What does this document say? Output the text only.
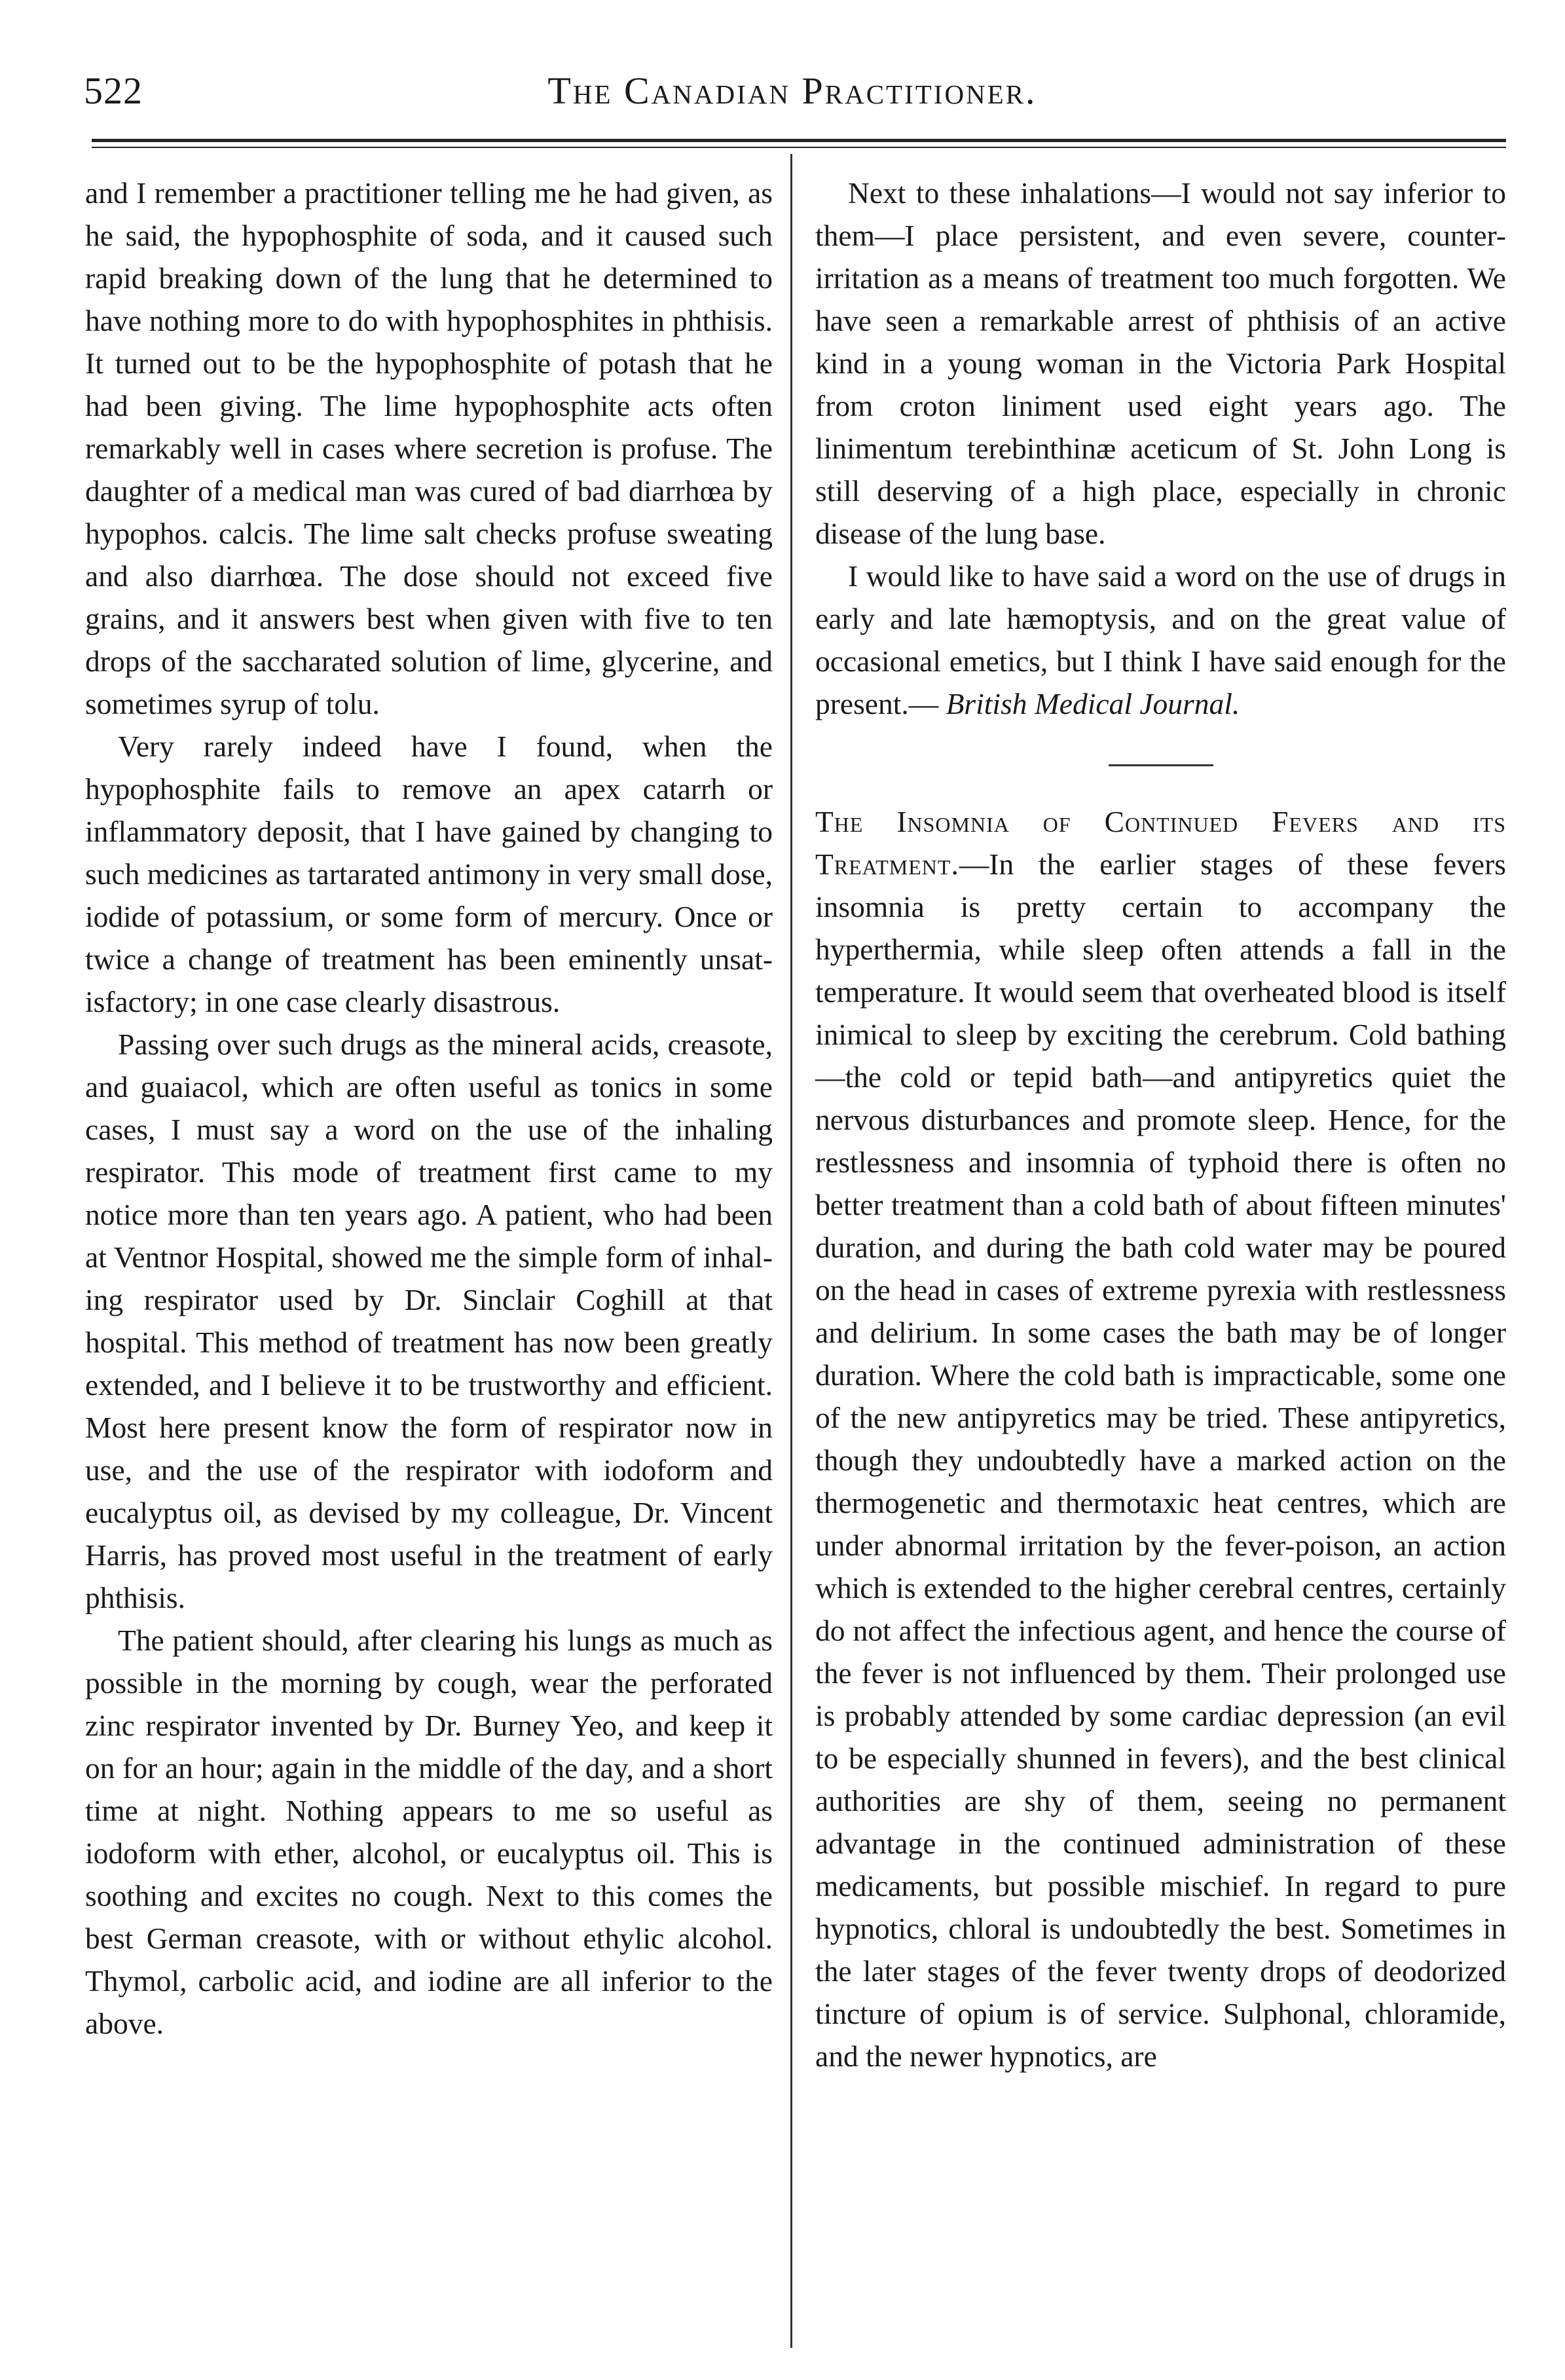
522	The Canadian Practitioner.

and I remember a practitioner telling me he had given, as he said, the hypophosphite of soda, and it caused such rapid breaking down of the lung that he determined to have nothing more to do with hypophosphites in phthisis. It turned out to be the hypophosphite of potash that he had been giving. The lime hypophosphite acts often remarkably well in cases where secretion is profuse. The daughter of a medical man was cured of bad diarrhœa by hypophos. calcis. The lime salt checks profuse sweating and also diarrhœa. The dose should not exceed five grains, and it answers best when given with five to ten drops of the saccharated solution of lime, glycerine, and sometimes syrup of tolu.

Very rarely indeed have I found, when the hypophosphite fails to remove an apex catarrh or inflammatory deposit, that I have gained by changing to such medicines as tartarated antimony in very small dose, iodide of potassium, or some form of mercury. Once or twice a change of treatment has been eminently unsatisfactory; in one case clearly disastrous.

Passing over such drugs as the mineral acids, creasote, and guaiacol, which are often useful as tonics in some cases, I must say a word on the use of the inhaling respirator. This mode of treatment first came to my notice more than ten years ago. A patient, who had been at Ventnor Hospital, showed me the simple form of inhaling respirator used by Dr. Sinclair Coghill at that hospital. This method of treatment has now been greatly extended, and I believe it to be trustworthy and efficient. Most here present know the form of respirator now in use, and the use of the respirator with iodoform and eucalyptus oil, as devised by my colleague, Dr. Vincent Harris, has proved most useful in the treatment of early phthisis.

The patient should, after clearing his lungs as much as possible in the morning by cough, wear the perforated zinc respirator invented by Dr. Burney Yeo, and keep it on for an hour; again in the middle of the day, and a short time at night. Nothing appears to me so useful as iodoform with ether, alcohol, or eucalyptus oil. This is soothing and excites no cough. Next to this comes the best German creasote, with or without ethylic alcohol. Thymol, carbolic acid, and iodine are all inferior to the above.

Next to these inhalations—I would not say inferior to them—I place persistent, and even severe, counter-irritation as a means of treatment too much forgotten. We have seen a remarkable arrest of phthisis of an active kind in a young woman in the Victoria Park Hospital from croton liniment used eight years ago. The linimentum terebinthinæ aceticum of St. John Long is still deserving of a high place, especially in chronic disease of the lung base.

I would like to have said a word on the use of drugs in early and late hæmoptysis, and on the great value of occasional emetics, but I think I have said enough for the present.— British Medical Journal.

The Insomnia of Continued Fevers and its Treatment.—In the earlier stages of these fevers insomnia is pretty certain to accompany the hyperthermia, while sleep often attends a fall in the temperature. It would seem that overheated blood is itself inimical to sleep by exciting the cerebrum. Cold bathing—the cold or tepid bath—and antipyretics quiet the nervous disturbances and promote sleep. Hence, for the restlessness and insomnia of typhoid there is often no better treatment than a cold bath of about fifteen minutes' duration, and during the bath cold water may be poured on the head in cases of extreme pyrexia with restlessness and delirium. In some cases the bath may be of longer duration. Where the cold bath is impracticable, some one of the new antipyretics may be tried. These antipyretics, though they undoubtedly have a marked action on the thermogenetic and thermotaxic heat centres, which are under abnormal irritation by the fever-poison, an action which is extended to the higher cerebral centres, certainly do not affect the infectious agent, and hence the course of the fever is not influenced by them. Their prolonged use is probably attended by some cardiac depression (an evil to be especially shunned in fevers), and the best clinical authorities are shy of them, seeing no permanent advantage in the continued administration of these medicaments, but possible mischief. In regard to pure hypnotics, chloral is undoubtedly the best. Sometimes in the later stages of the fever twenty drops of deodorized tincture of opium is of service. Sulphonal, chloramide, and the newer hypnotics, are
